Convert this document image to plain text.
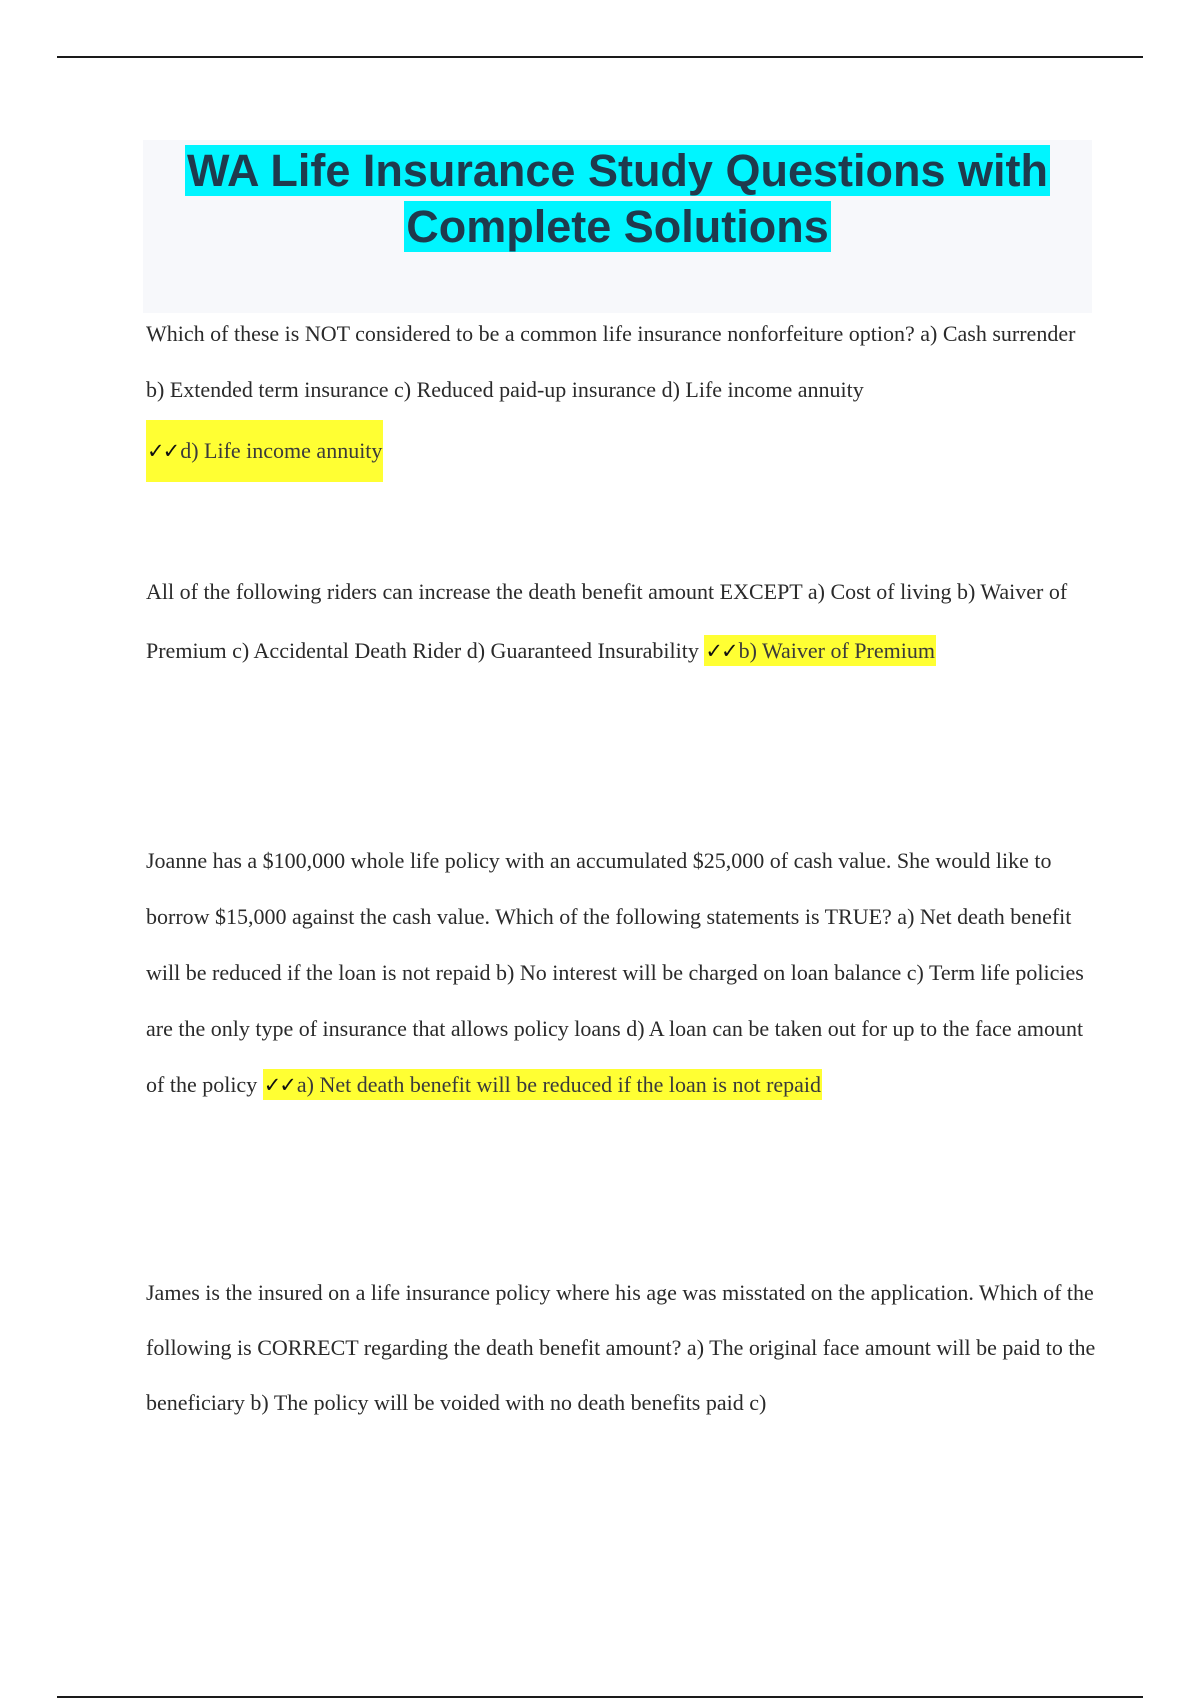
WA Life Insurance Study Questions with
Complete Solutions

Which of these is NOT considered to be a common life insurance nonforfeiture option? a) Cash surrender b) Extended term insurance c) Reduced paid-up insurance d) Life income annuity
✓✓d) Life income annuity

All of the following riders can increase the death benefit amount EXCEPT a) Cost of living b) Waiver of Premium c) Accidental Death Rider d) Guaranteed Insurability ✓✓b) Waiver of Premium

Joanne has a $100,000 whole life policy with an accumulated $25,000 of cash value. She would like to borrow $15,000 against the cash value. Which of the following statements is TRUE? a) Net death benefit will be reduced if the loan is not repaid b) No interest will be charged on loan balance c) Term life policies are the only type of insurance that allows policy loans d) A loan can be taken out for up to the face amount of the policy ✓✓a) Net death benefit will be reduced if the loan is not repaid

James is the insured on a life insurance policy where his age was misstated on the application. Which of the following is CORRECT regarding the death benefit amount? a) The original face amount will be paid to the beneficiary b) The policy will be voided with no death benefits paid c)
